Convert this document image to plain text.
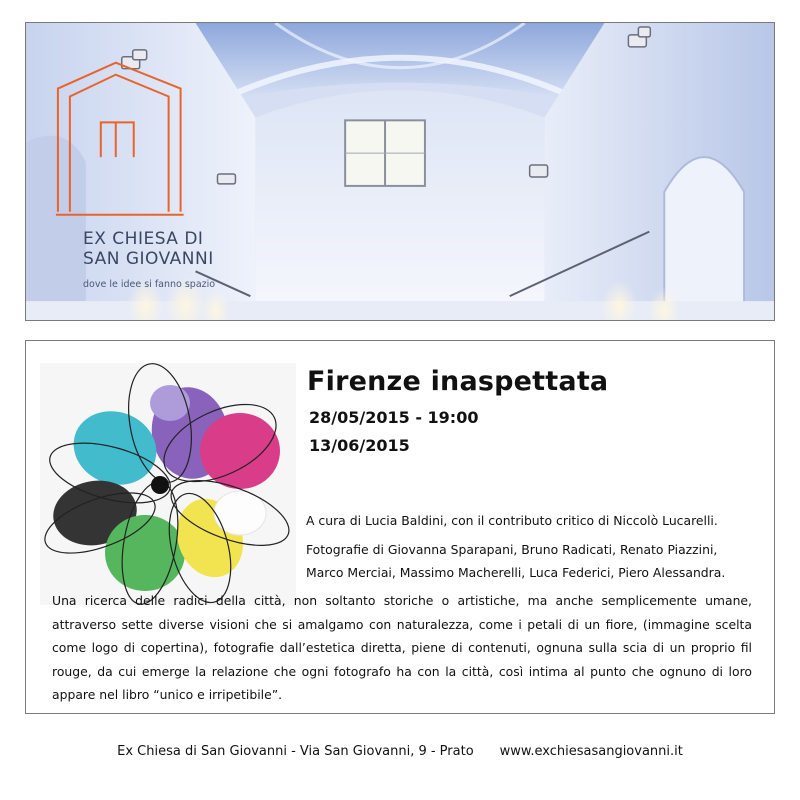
EX CHIESA DI
SAN GIOVANNI
dove le idee si fanno spazio
Firenze inaspettata
28/05/2015 - 19:00
13/06/2015
A cura di Lucia Baldini, con il contributo critico di Niccolò Lucarelli.
Fotografie di Giovanna Sparapani, Bruno Radicati, Renato Piazzini,
Marco Merciai, Massimo Macherelli, Luca Federici, Piero Alessandra.
Una ricerca delle radici della città, non soltanto storiche o artistiche, ma anche semplicemente umane, attraverso sette diverse visioni che si amalgamo con naturalezza, come i petali di un fiore, (immagine scelta come logo di copertina), fotografie dall’estetica diretta, piene di contenuti, ognuna sulla scia di un proprio fil rouge, da cui emerge la relazione che ogni fotografo ha con la città, così intima al punto che ognuno di loro appare nel libro “unico e irripetibile”.
Ex Chiesa di San Giovanni - Via San Giovanni, 9 - Prato www.exchiesasangiovanni.it
